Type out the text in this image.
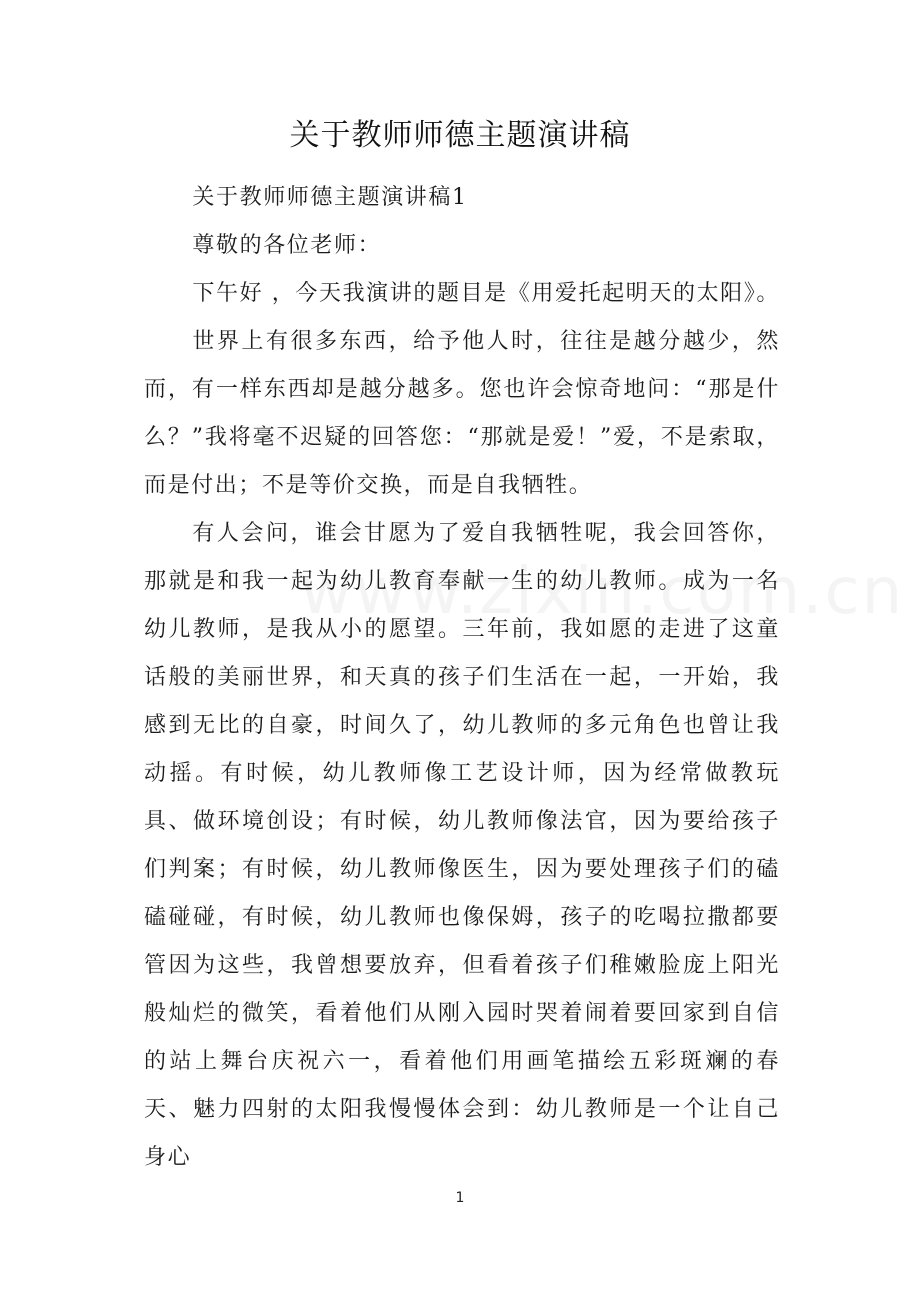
关于教师师德主题演讲稿

关于教师师德主题演讲稿1

尊敬的各位老师：

下午好 ，今天我演讲的题目是《用爱托起明天的太阳》。

世界上有很多东西，给予他人时，往往是越分越少，然而，有一样东西却是越分越多。您也许会惊奇地问：“那是什么？”我将毫不迟疑的回答您：“那就是爱！”爱，不是索取，而是付出；不是等价交换，而是自我牺牲。

有人会问，谁会甘愿为了爱自我牺牲呢，我会回答你，那就是和我一起为幼儿教育奉献一生的幼儿教师。成为一名幼儿教师，是我从小的愿望。三年前，我如愿的走进了这童话般的美丽世界，和天真的孩子们生活在一起，一开始，我感到无比的自豪，时间久了，幼儿教师的多元角色也曾让我动摇。有时候，幼儿教师像工艺设计师，因为经常做教玩具、做环境创设；有时候，幼儿教师像法官，因为要给孩子们判案；有时候，幼儿教师像医生，因为要处理孩子们的磕磕碰碰，有时候，幼儿教师也像保姆，孩子的吃喝拉撒都要管因为这些，我曾想要放弃，但看着孩子们稚嫩脸庞上阳光般灿烂的微笑，看着他们从刚入园时哭着闹着要回家到自信的站上舞台庆祝六一，看着他们用画笔描绘五彩斑斓的春天、魅力四射的太阳我慢慢体会到：幼儿教师是一个让自己身心

1
